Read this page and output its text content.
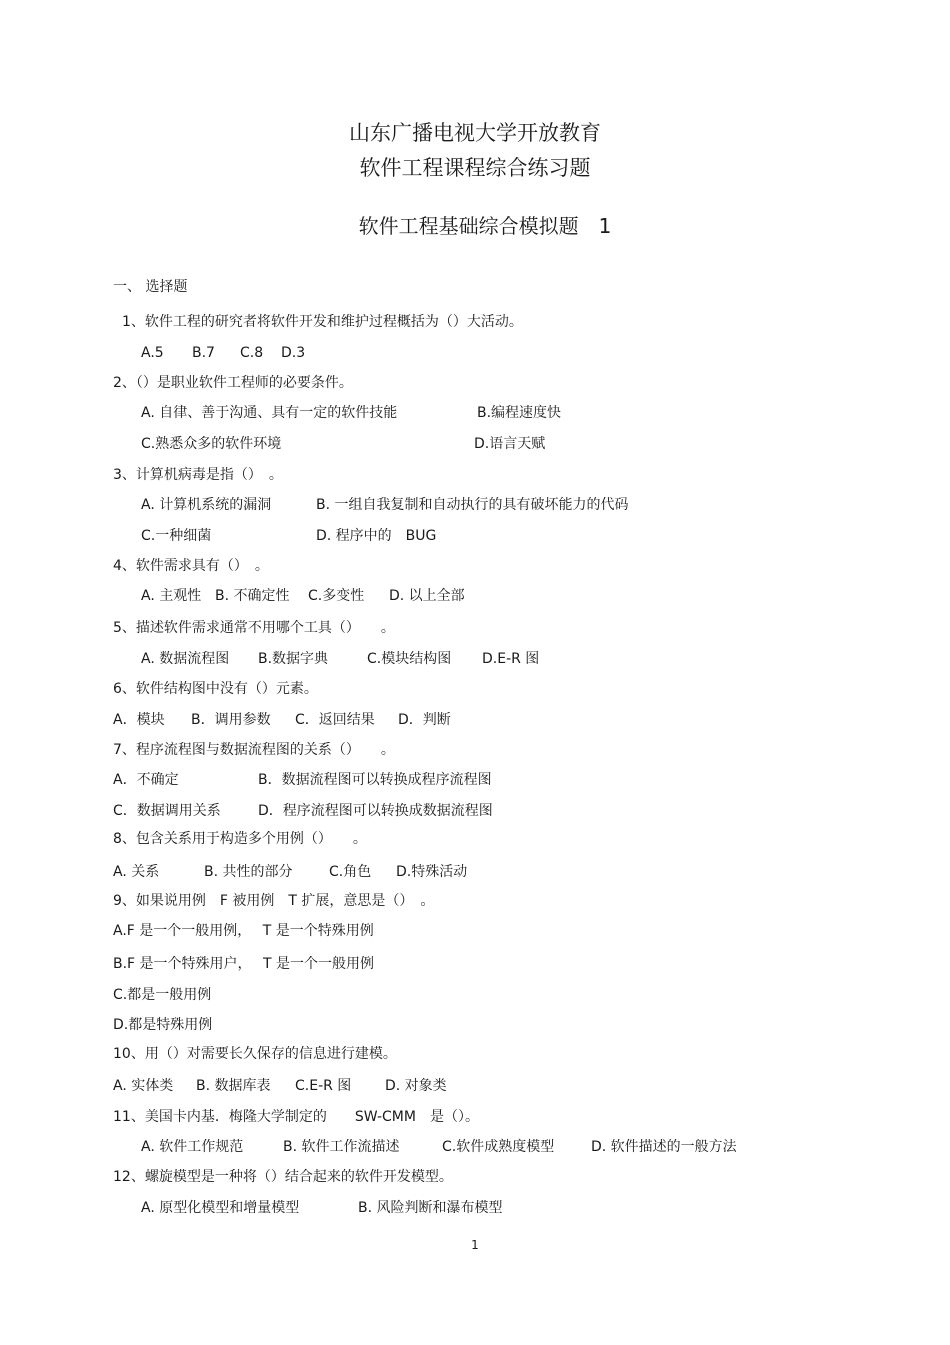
山东广播电视大学开放教育
软件工程课程综合练习题
软件工程基础综合模拟题　1
一、 选择题
1、软件工程的研究者将软件开发和维护过程概括为（）大活动。
A.5 B.7 C.8 D.3
2、（）是职业软件工程师的必要条件。
A. 自律、善于沟通、具有一定的软件技能	B.编程速度快
C.熟悉众多的软件环境	D.语言天赋
3、计算机病毒是指（）　。
A. 计算机系统的漏洞	B. 一组自我复制和自动执行的具有破坏能力的代码
C.一种细菌	D. 程序中的　BUG
4、软件需求具有（）　。
A. 主观性 B. 不确定性 C.多变性 D. 以上全部
5、描述软件需求通常不用哪个工具（）　　。
A. 数据流程图 B.数据字典	C.模块结构图 D.E-R 图
6、软件结构图中没有（）元素。
A．模块 B．调用参数 C．返回结果 D．判断
7、程序流程图与数据流程图的关系（）　　。
A．不确定	B．数据流程图可以转换成程序流程图
C．数据调用关系	D．程序流程图可以转换成数据流程图
8、包含关系用于构造多个用例（）　　。
A. 关系	B. 共性的部分	C.角色 D.特殊活动
9、如果说用例　F 被用例　T 扩展，意思是（）　。
A.F 是一个一般用例，　 T 是一个特殊用例
B.F 是一个特殊用户，　 T 是一个一般用例
C.都是一般用例
D.都是特殊用例
10、用（）对需要长久保存的信息进行建模。
A. 实体类 B. 数据库表 C.E-R 图 D. 对象类
11、美国卡内基．梅隆大学制定的　　SW-CMM　是（）。
A. 软件工作规范	B. 软件工作流描述	C.软件成熟度模型	D. 软件描述的一般方法
12、螺旋模型是一种将（）结合起来的软件开发模型。
A. 原型化模型和增量模型	B. 风险判断和瀑布模型
1
